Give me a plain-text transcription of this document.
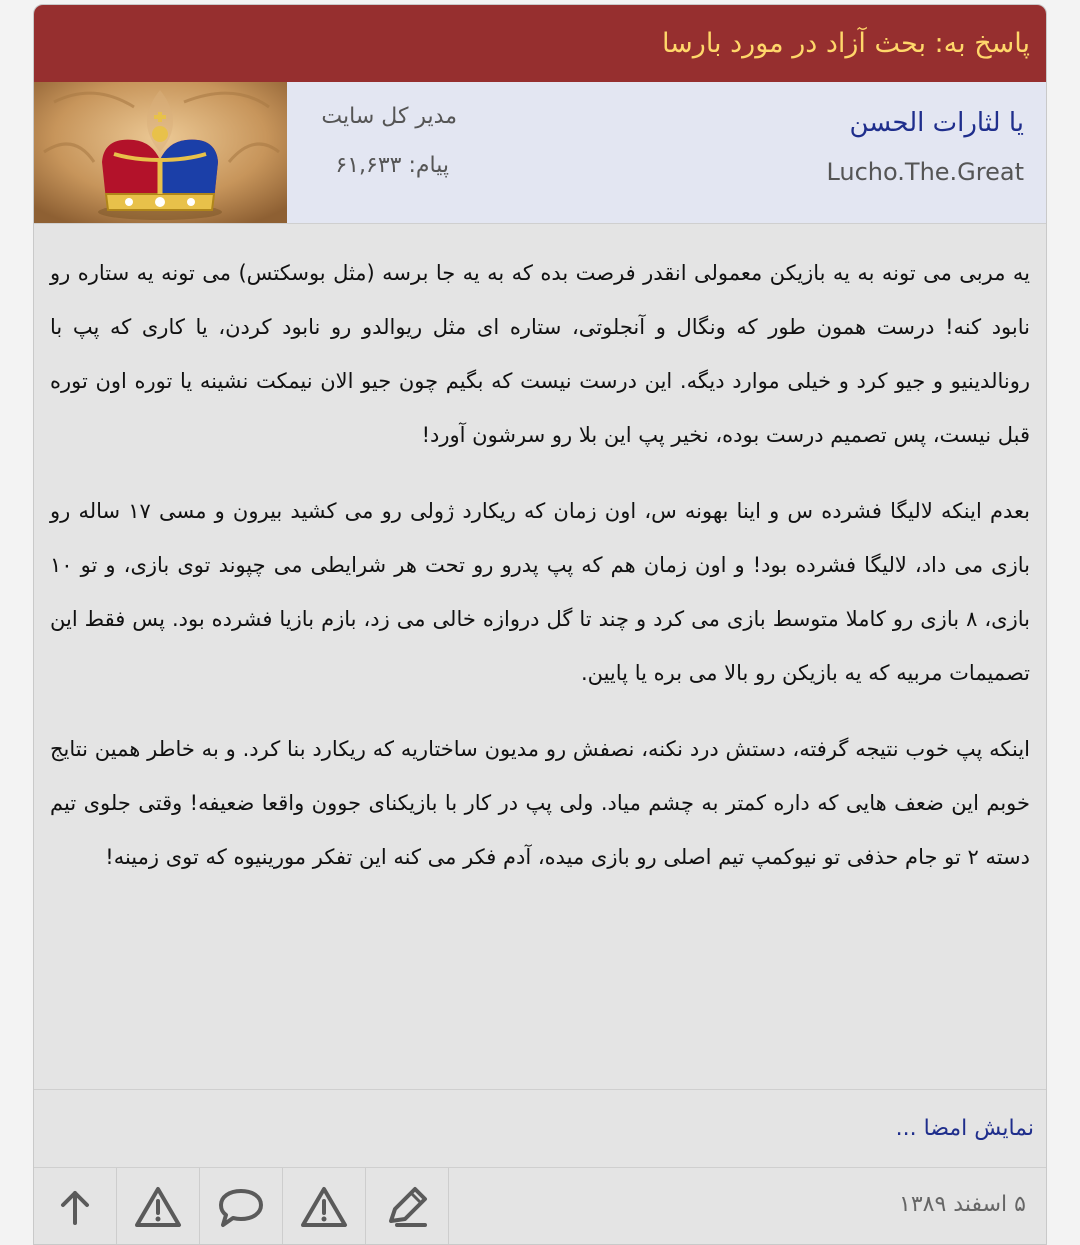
پاسخ به: بحث آزاد در مورد بارسا
مدیر کل سایت
پیام: ۶۱,۶۳۳
یا لثارات الحسن
Lucho.The.Great

یه مربی می تونه به یه بازیکن معمولی انقدر فرصت بده که به یه جا برسه (مثل بوسکتس) می تونه یه ستاره رو نابود کنه! درست همون طور که ونگال و آنجلوتی، ستاره ای مثل ریوالدو رو نابود کردن، یا کاری که پپ با رونالدینیو و جیو کرد و خیلی موارد دیگه. این درست نیست که بگیم چون جیو الان نیمکت نشینه یا توره اون توره قبل نیست، پس تصمیم درست بوده، نخیر پپ این بلا رو سرشون آورد!

بعدم اینکه لالیگا فشرده س و اینا بهونه س، اون زمان که ریکارد ژولی رو می کشید بیرون و مسی ۱۷ ساله رو بازی می داد، لالیگا فشرده بود! و اون زمان هم که پپ پدرو رو تحت هر شرایطی می چپوند توی بازی، و تو ۱۰ بازی، ۸ بازی رو کاملا متوسط بازی می کرد و چند تا گل دروازه خالی می زد، بازم بازیا فشرده بود. پس فقط این تصمیمات مربیه که یه بازیکن رو بالا می بره یا پایین.

اینکه پپ خوب نتیجه گرفته، دستش درد نکنه، نصفش رو مدیون ساختاریه که ریکارد بنا کرد. و به خاطر همین نتایج خوبم این ضعف هایی که داره کمتر به چشم میاد. ولی پپ در کار با بازیکنای جوون واقعا ضعیفه! وقتی جلوی تیم دسته ۲ تو جام حذفی تو نیوکمپ تیم اصلی رو بازی میده، آدم فکر می کنه این تفکر مورینیوه که توی زمینه!

نمایش امضا ...
۵ اسفند ۱۳۸۹
